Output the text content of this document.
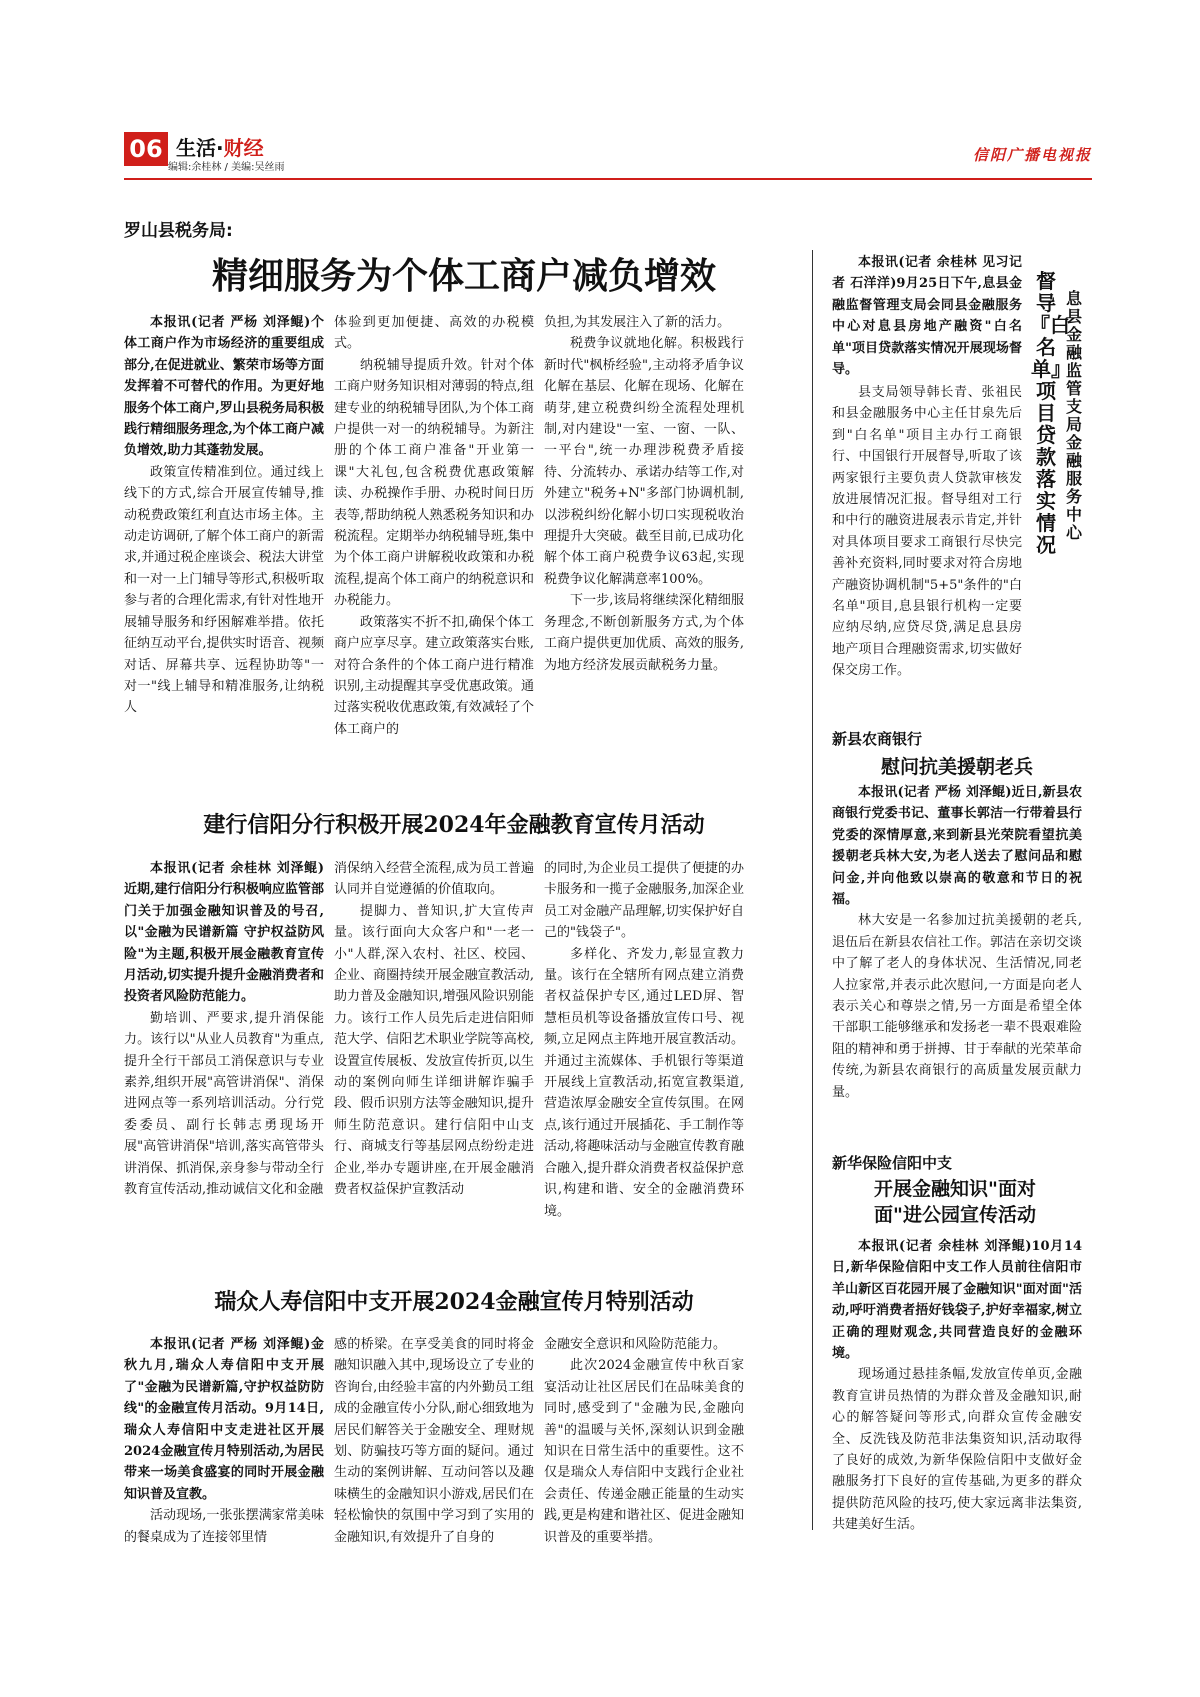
06 生活·财经
编辑:余桂林 / 美编:吴丝雨
信阳广播电视报
罗山县税务局:
精细服务为个体工商户减负增效

本报讯(记者 严杨 刘泽鲲)个体工商户作为市场经济的重要组成部分,在促进就业、繁荣市场等方面发挥着不可替代的作用。为更好地服务个体工商户,罗山县税务局积极践行精细服务理念,为个体工商户减负增效,助力其蓬勃发展。

政策宣传精准到位。通过线上线下的方式,综合开展宣传辅导,推动税费政策红利直达市场主体。主动走访调研,了解个体工商户的新需求,并通过税企座谈会、税法大讲堂和一对一上门辅导等形式,积极听取参与者的合理化需求,有针对性地开展辅导服务和纾困解难举措。依托征纳互动平台,提供实时语音、视频对话、屏幕共享、远程协助等"一对一"线上辅导和精准服务,让纳税人

体验到更加便捷、高效的办税模式。

纳税辅导提质升效。针对个体工商户财务知识相对薄弱的特点,组建专业的纳税辅导团队,为个体工商户提供一对一的纳税辅导。为新注册的个体工商户准备"开业第一课"大礼包,包含税费优惠政策解读、办税操作手册、办税时间日历表等,帮助纳税人熟悉税务知识和办税流程。定期举办纳税辅导班,集中为个体工商户讲解税收政策和办税流程,提高个体工商户的纳税意识和办税能力。

政策落实不折不扣,确保个体工商户应享尽享。建立政策落实台账,对符合条件的个体工商户进行精准识别,主动提醒其享受优惠政策。通过落实税收优惠政策,有效减轻了个体工商户的

负担,为其发展注入了新的活力。

税费争议就地化解。积极践行新时代"枫桥经验",主动将矛盾争议化解在基层、化解在现场、化解在萌芽,建立税费纠纷全流程处理机制,对内建设"一室、一窗、一队、一平台",统一办理涉税费矛盾接待、分流转办、承诺办结等工作,对外建立"税务+N"多部门协调机制,以涉税纠纷化解小切口实现税收治理提升大突破。截至目前,已成功化解个体工商户税费争议63起,实现税费争议化解满意率100%。

下一步,该局将继续深化精细服务理念,不断创新服务方式,为个体工商户提供更加优质、高效的服务,为地方经济发展贡献税务力量。

建行信阳分行积极开展2024年金融教育宣传月活动

本报讯(记者 余桂林 刘泽鲲)近期,建行信阳分行积极响应监管部门关于加强金融知识普及的号召,以"金融为民谱新篇 守护权益防风险"为主题,积极开展金融教育宣传月活动,切实提升提升金融消费者和投资者风险防范能力。

勤培训、严要求,提升消保能力。该行以"从业人员教育"为重点,提升全行干部员工消保意识与专业素养,组织开展"高管讲消保"、消保进网点等一系列培训活动。分行党委委员、副行长韩志勇现场开展"高管讲消保"培训,落实高管带头讲消保、抓消保,亲身参与带动全行教育宣传活动,推动诚信文化和金融

消保纳入经营全流程,成为员工普遍认同并自觉遵循的价值取向。

提脚力、普知识,扩大宣传声量。该行面向大众客户和"一老一小"人群,深入农村、社区、校园、企业、商圈持续开展金融宣教活动,助力普及金融知识,增强风险识别能力。该行工作人员先后走进信阳师范大学、信阳艺术职业学院等高校,设置宣传展板、发放宣传折页,以生动的案例向师生详细讲解诈骗手段、假币识别方法等金融知识,提升师生防范意识。建行信阳中山支行、商城支行等基层网点纷纷走进企业,举办专题讲座,在开展金融消费者权益保护宣教活动

的同时,为企业员工提供了便捷的办卡服务和一揽子金融服务,加深企业员工对金融产品理解,切实保护好自己的"钱袋子"。

多样化、齐发力,彰显宣教力量。该行在全辖所有网点建立消费者权益保护专区,通过LED屏、智慧柜员机等设备播放宣传口号、视频,立足网点主阵地开展宣教活动。并通过主流媒体、手机银行等渠道开展线上宣教活动,拓宽宣教渠道,营造浓厚金融安全宣传氛围。在网点,该行通过开展插花、手工制作等活动,将趣味活动与金融宣传教育融合融入,提升群众消费者权益保护意识,构建和谐、安全的金融消费环境。

瑞众人寿信阳中支开展2024金融宣传月特别活动

本报讯(记者 严杨 刘泽鲲)金秋九月,瑞众人寿信阳中支开展了"金融为民谱新篇,守护权益防防线"的金融宣传月活动。9月14日,瑞众人寿信阳中支走进社区开展2024金融宣传月特别活动,为居民带来一场美食盛宴的同时开展金融知识普及宣教。

活动现场,一张张摆满家常美味的餐桌成为了连接邻里情

感的桥梁。在享受美食的同时将金融知识融入其中,现场设立了专业的咨询台,由经验丰富的内外勤员工组成的金融宣传小分队,耐心细致地为居民们解答关于金融安全、理财规划、防骗技巧等方面的疑问。通过生动的案例讲解、互动问答以及趣味横生的金融知识小游戏,居民们在轻松愉快的氛围中学习到了实用的金融知识,有效提升了自身的

金融安全意识和风险防范能力。

此次2024金融宣传中秋百家宴活动让社区居民们在品味美食的同时,感受到了"金融为民,金融向善"的温暖与关怀,深刻认识到金融知识在日常生活中的重要性。这不仅是瑞众人寿信阳中支践行企业社会责任、传递金融正能量的生动实践,更是构建和谐社区、促进金融知识普及的重要举措。

督导『白名单』项目贷款落实情况
息县金融监管支局金融服务中心

本报讯(记者 余桂林 见习记者 石洋洋)9月25日下午,息县金融监督管理支局会同县金融服务中心对息县房地产融资"白名单"项目贷款落实情况开展现场督导。

县支局领导韩长青、张祖民和县金融服务中心主任甘泉先后到"白名单"项目主办行工商银行、中国银行开展督导,听取了该两家银行主要负责人贷款审核发放进展情况汇报。督导组对工行和中行的融资进展表示肯定,并针对具体项目要求工商银行尽快完善补充资料,同时要求对符合房地产融资协调机制"5+5"条件的"白名单"项目,息县银行机构一定要应纳尽纳,应贷尽贷,满足息县房地产项目合理融资需求,切实做好保交房工作。

新县农商银行
慰问抗美援朝老兵

本报讯(记者 严杨 刘泽鲲)近日,新县农商银行党委书记、董事长郭洁一行带着县行党委的深情厚意,来到新县光荣院看望抗美援朝老兵林大安,为老人送去了慰问品和慰问金,并向他致以崇高的敬意和节日的祝福。

林大安是一名参加过抗美援朝的老兵,退伍后在新县农信社工作。郭洁在亲切交谈中了解了老人的身体状况、生活情况,同老人拉家常,并表示此次慰问,一方面是向老人表示关心和尊崇之情,另一方面是希望全体干部职工能够继承和发扬老一辈不畏艰难险阻的精神和勇于拼搏、甘于奉献的光荣革命传统,为新县农商银行的高质量发展贡献力量。

新华保险信阳中支
开展金融知识"面对面"进公园宣传活动

本报讯(记者 余桂林 刘泽鲲)10月14日,新华保险信阳中支工作人员前往信阳市羊山新区百花园开展了金融知识"面对面"活动,呼吁消费者捂好钱袋子,护好幸福家,树立正确的理财观念,共同营造良好的金融环境。

现场通过悬挂条幅,发放宣传单页,金融教育宣讲员热情的为群众普及金融知识,耐心的解答疑问等形式,向群众宣传金融安全、反洗钱及防范非法集资知识,活动取得了良好的成效,为新华保险信阳中支做好金融服务打下良好的宣传基础,为更多的群众提供防范风险的技巧,使大家远离非法集资,共建美好生活。
